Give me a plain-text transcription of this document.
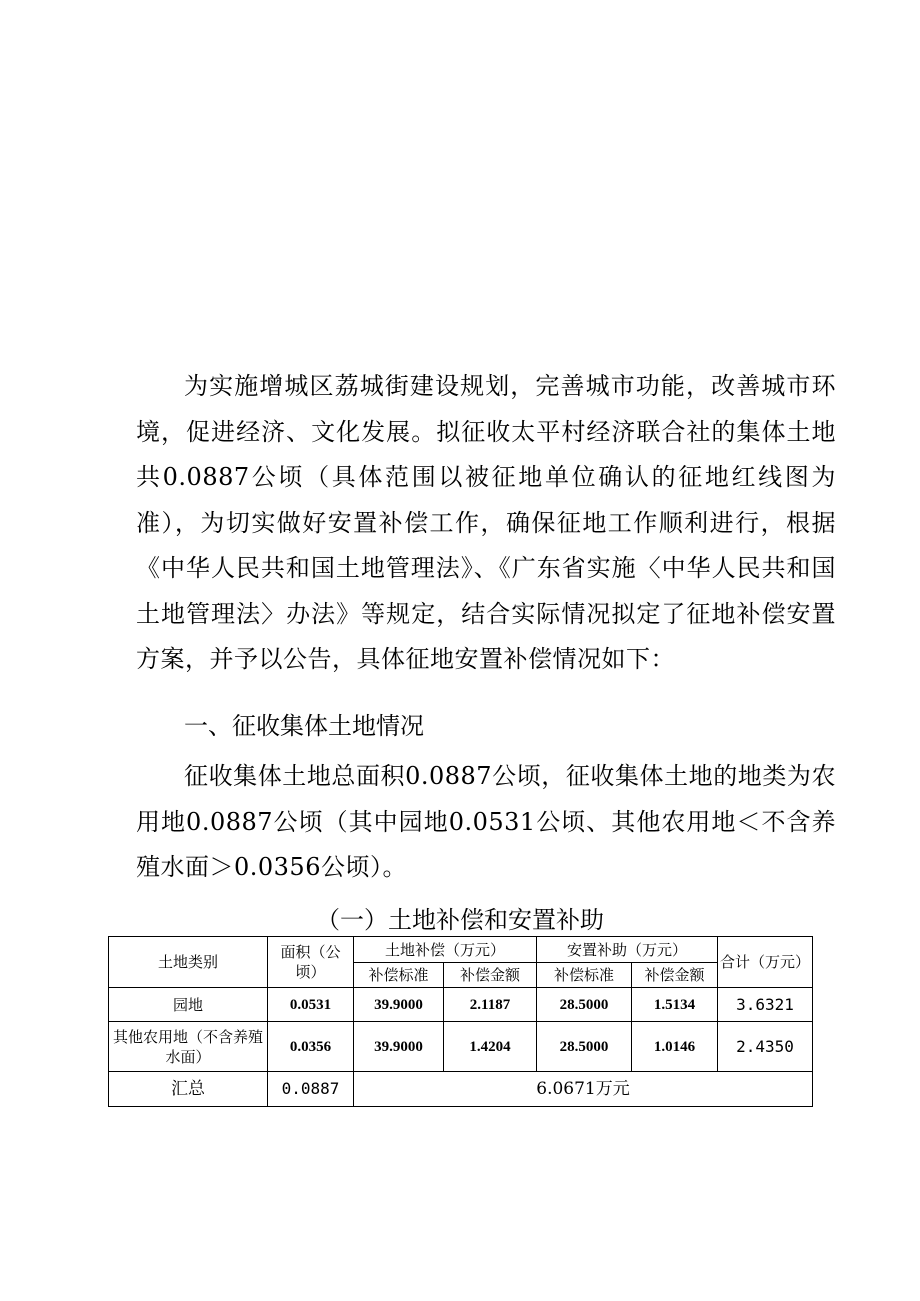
为实施增城区荔城街建设规划，完善城市功能，改善城市环境，促进经济、文化发展。拟征收太平村经济联合社的集体土地共0.0887公顷（具体范围以被征地单位确认的征地红线图为准），为切实做好安置补偿工作，确保征地工作顺利进行，根据《中华人民共和国土地管理法》、《广东省实施〈中华人民共和国土地管理法〉办法》等规定，结合实际情况拟定了征地补偿安置方案，并予以公告，具体征地安置补偿情况如下：

一、征收集体土地情况

征收集体土地总面积0.0887公顷，征收集体土地的地类为农用地0.0887公顷（其中园地0.0531公顷、其他农用地＜不含养殖水面＞0.0356公顷）。

（一）土地补偿和安置补助

土地类别	面积（公顷）	土地补偿（万元）		安置补助（万元）		合计（万元）
		补偿标准	补偿金额	补偿标准	补偿金额	
园地	0.0531	39.9000	2.1187	28.5000	1.5134	3.6321
其他农用地（不含养殖水面）	0.0356	39.9000	1.4204	28.5000	1.0146	2.4350
汇总	0.0887	6.0671万元				
